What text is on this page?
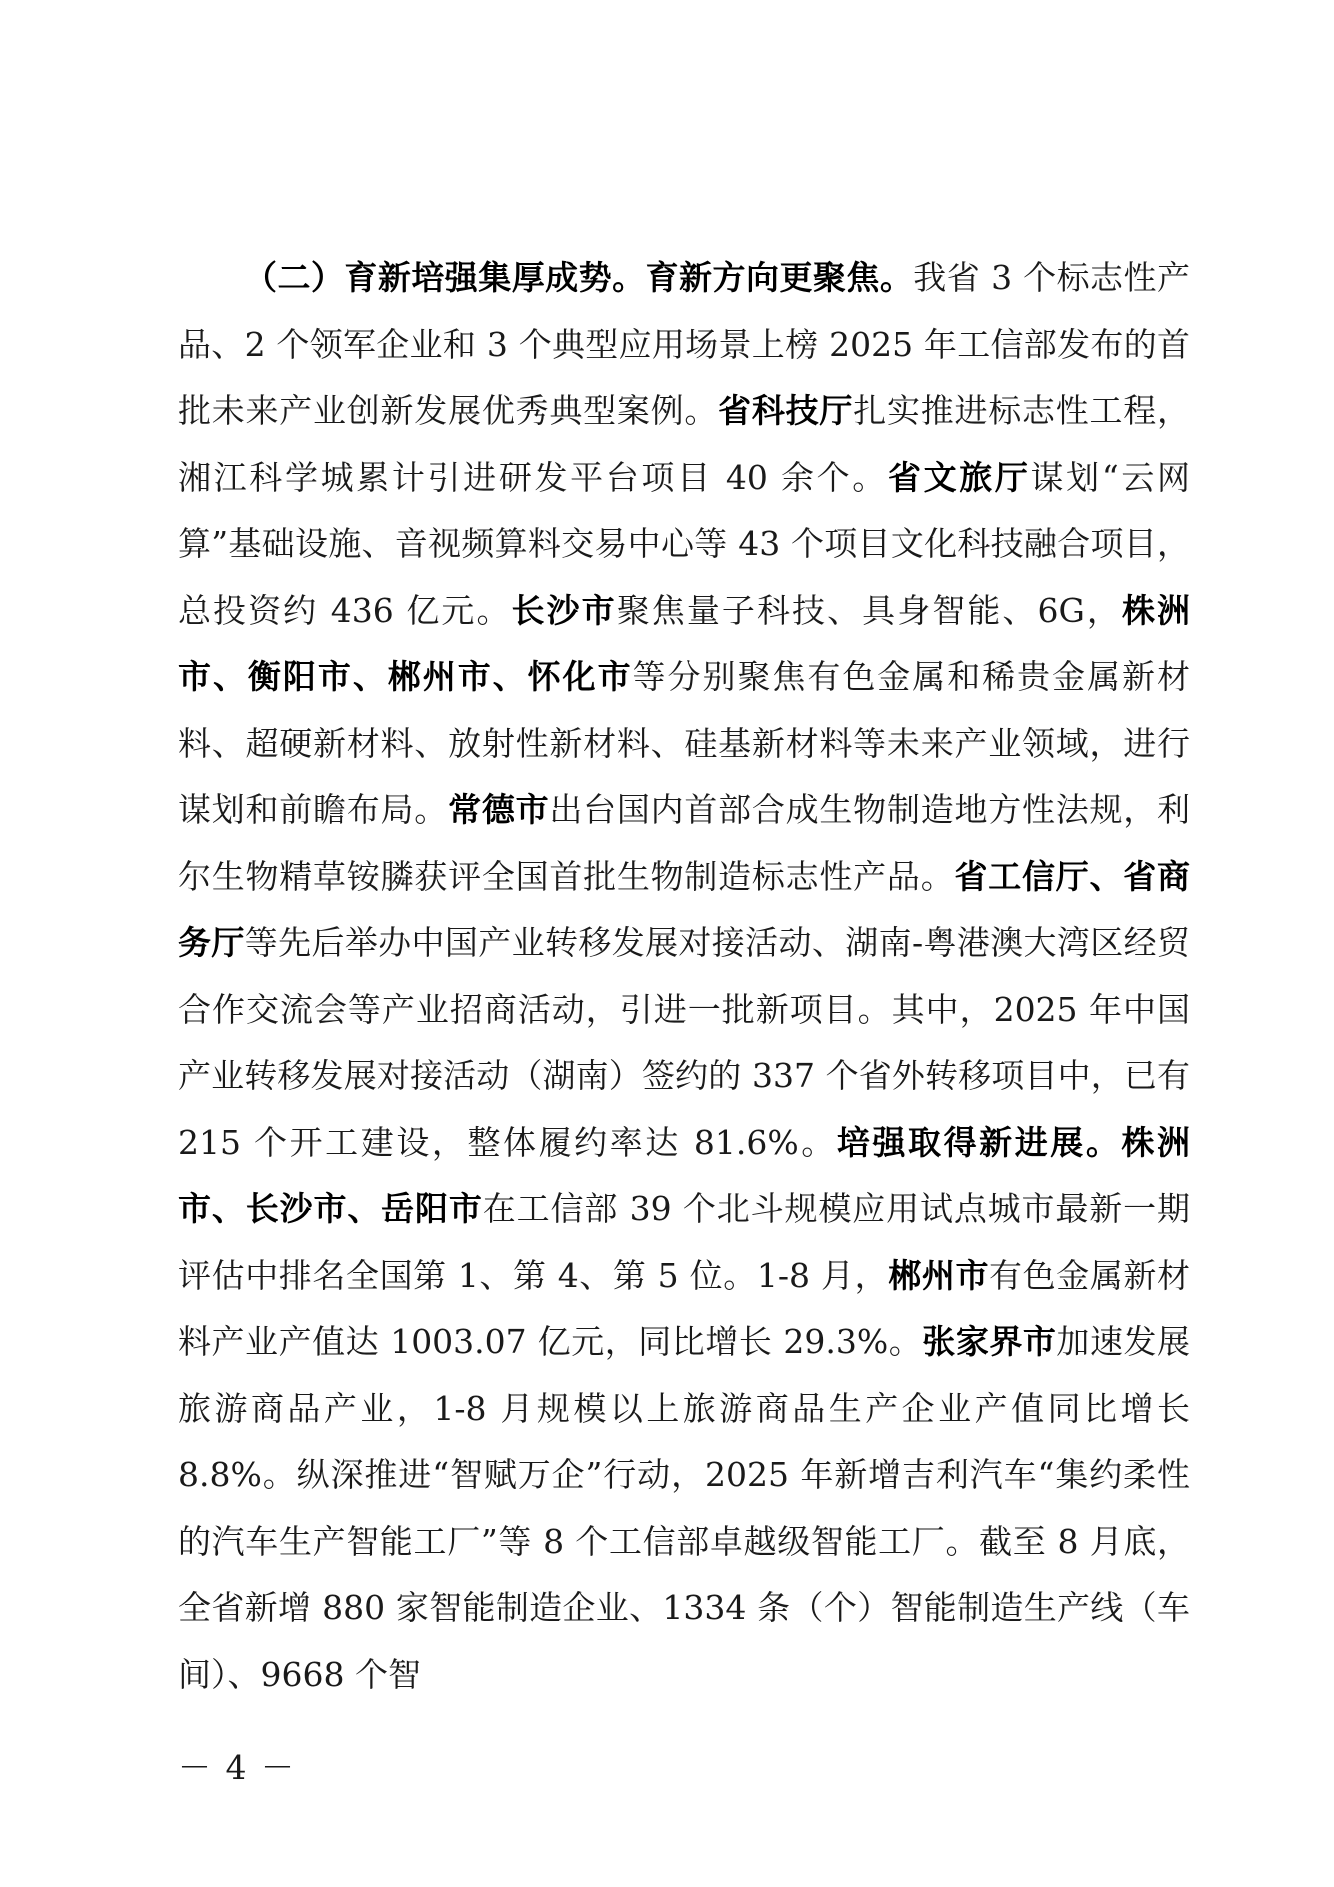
（二）育新培强集厚成势。育新方向更聚焦。我省 3 个标志性产品、2 个领军企业和 3 个典型应用场景上榜 2025 年工信部发布的首批未来产业创新发展优秀典型案例。省科技厅扎实推进标志性工程，湘江科学城累计引进研发平台项目 40 余个。省文旅厅谋划“云网算”基础设施、音视频算料交易中心等 43 个项目文化科技融合项目，总投资约 436 亿元。长沙市聚焦量子科技、具身智能、6G，株洲市、衡阳市、郴州市、怀化市等分别聚焦有色金属和稀贵金属新材料、超硬新材料、放射性新材料、硅基新材料等未来产业领域，进行谋划和前瞻布局。常德市出台国内首部合成生物制造地方性法规，利尔生物精草铵膦获评全国首批生物制造标志性产品。省工信厅、省商务厅等先后举办中国产业转移发展对接活动、湖南-粤港澳大湾区经贸合作交流会等产业招商活动，引进一批新项目。其中，2025 年中国产业转移发展对接活动（湖南）签约的 337 个省外转移项目中，已有 215 个开工建设，整体履约率达 81.6%。培强取得新进展。株洲市、长沙市、岳阳市在工信部 39 个北斗规模应用试点城市最新一期评估中排名全国第 1、第 4、第 5 位。1-8 月，郴州市有色金属新材料产业产值达 1003.07 亿元，同比增长 29.3%。张家界市加速发展旅游商品产业，1-8 月规模以上旅游商品生产企业产值同比增长 8.8%。纵深推进“智赋万企”行动，2025 年新增吉利汽车“集约柔性的汽车生产智能工厂”等 8 个工信部卓越级智能工厂。截至 8 月底，全省新增 880 家智能制造企业、1334 条（个）智能制造生产线（车间）、9668 个智

－ 4 －
